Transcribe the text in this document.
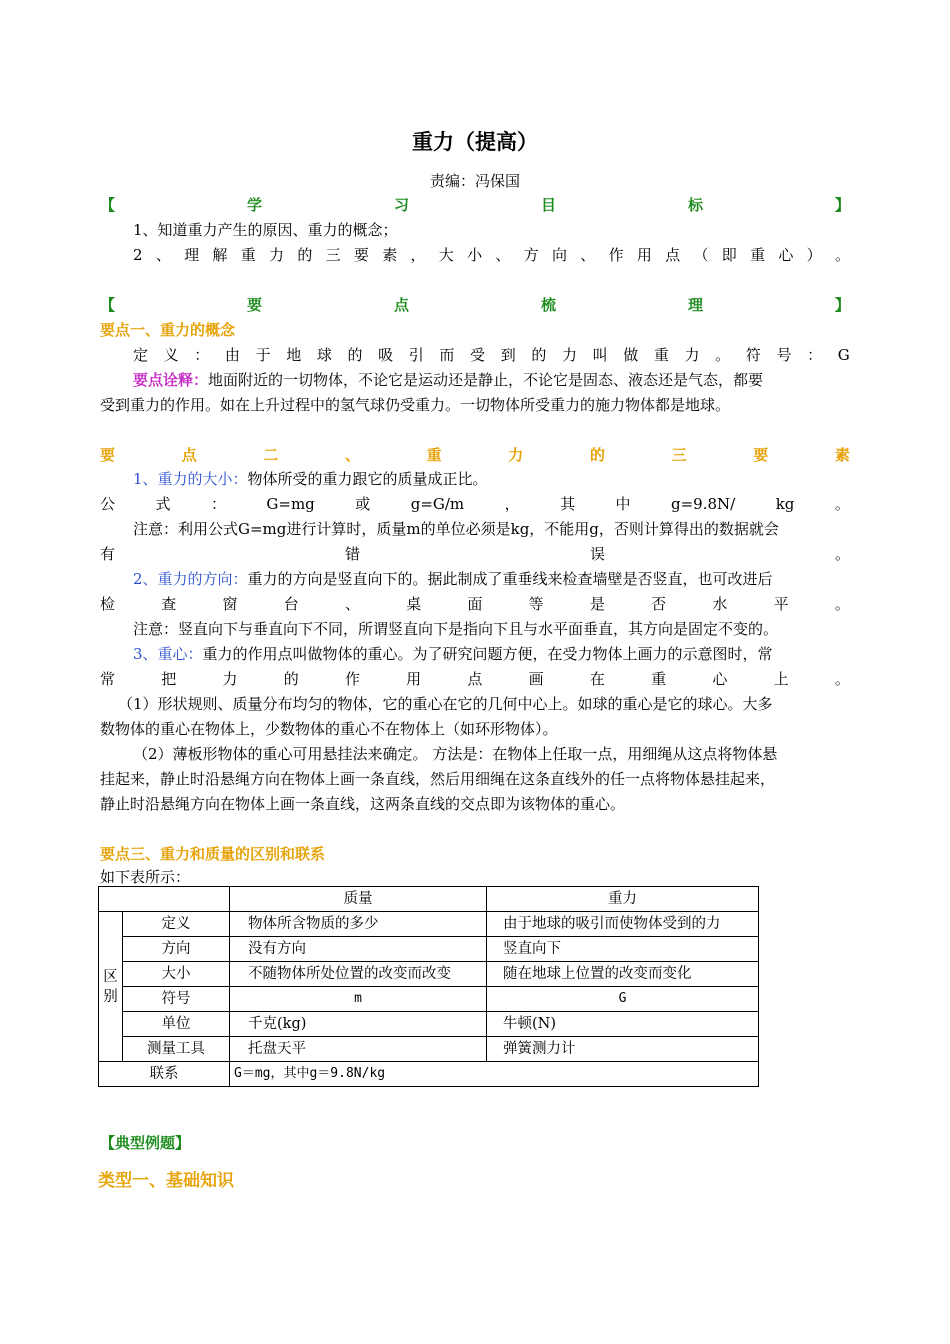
重力（提高）
责编：冯保国
【	学	习	目	标	】
1、知道重力产生的原因、重力的概念；
2 、 理 解 重 力 的 三 要 素 ， 大 小 、 方 向 、 作 用 点 （ 即 重 心 ） 。
【	要	点	梳	理	】
要点一、重力的概念
定 义 ： 由 于 地 球 的 吸 引 而 受 到 的 力 叫 做 重 力 。 符 号 ： G
要点诠释：地面附近的一切物体，不论它是运动还是静止，不论它是固态、液态还是气态，都要
受到重力的作用。如在上升过程中的氢气球仍受重力。一切物体所受重力的施力物体都是地球。
要	点	二	、	重	力	的	三	要	素
1、重力的大小：物体所受的重力跟它的质量成正比。
公	式	：	G=mg	或	g=G/m	，	其	中	g=9.8N/	kg	。
注意：利用公式G=mg进行计算时，质量m的单位必须是kg，不能用g，否则计算得出的数据就会
有	错	误	。
2、重力的方向：重力的方向是竖直向下的。据此制成了重垂线来检查墙壁是否竖直，也可改进后
检	查	窗	台	、	桌	面	等	是	否	水	平	。
注意：竖直向下与垂直向下不同，所谓竖直向下是指向下且与水平面垂直，其方向是固定不变的。
3、重心：重力的作用点叫做物体的重心。为了研究问题方便，在受力物体上画力的示意图时，常
常	把	力	的	作	用	点	画	在	重	心	上	。
（1）形状规则、质量分布均匀的物体，它的重心在它的几何中心上。如球的重心是它的球心。大多
数物体的重心在物体上，少数物体的重心不在物体上（如环形物体）。
（2）薄板形物体的重心可用悬挂法来确定。 方法是：在物体上任取一点，用细绳从这点将物体悬
挂起来，静止时沿悬绳方向在物体上画一条直线，然后用细绳在这条直线外的任一点将物体悬挂起来，
静止时沿悬绳方向在物体上画一条直线，这两条直线的交点即为该物体的重心。
要点三、重力和质量的区别和联系
如下表所示：
		质量	重力
区
别	定义	物体所含物质的多少	由于地球的吸引而使物体受到的力
	方向	没有方向	竖直向下
	大小	不随物体所处位置的改变而改变	随在地球上位置的改变而变化
	符号	m	G
	单位	千克(kg)	牛顿(N)
	测量工具	托盘天平	弹簧测力计
联系		G＝mg，其中g＝9.8N/kg	
【典型例题】
类型一、基础知识
